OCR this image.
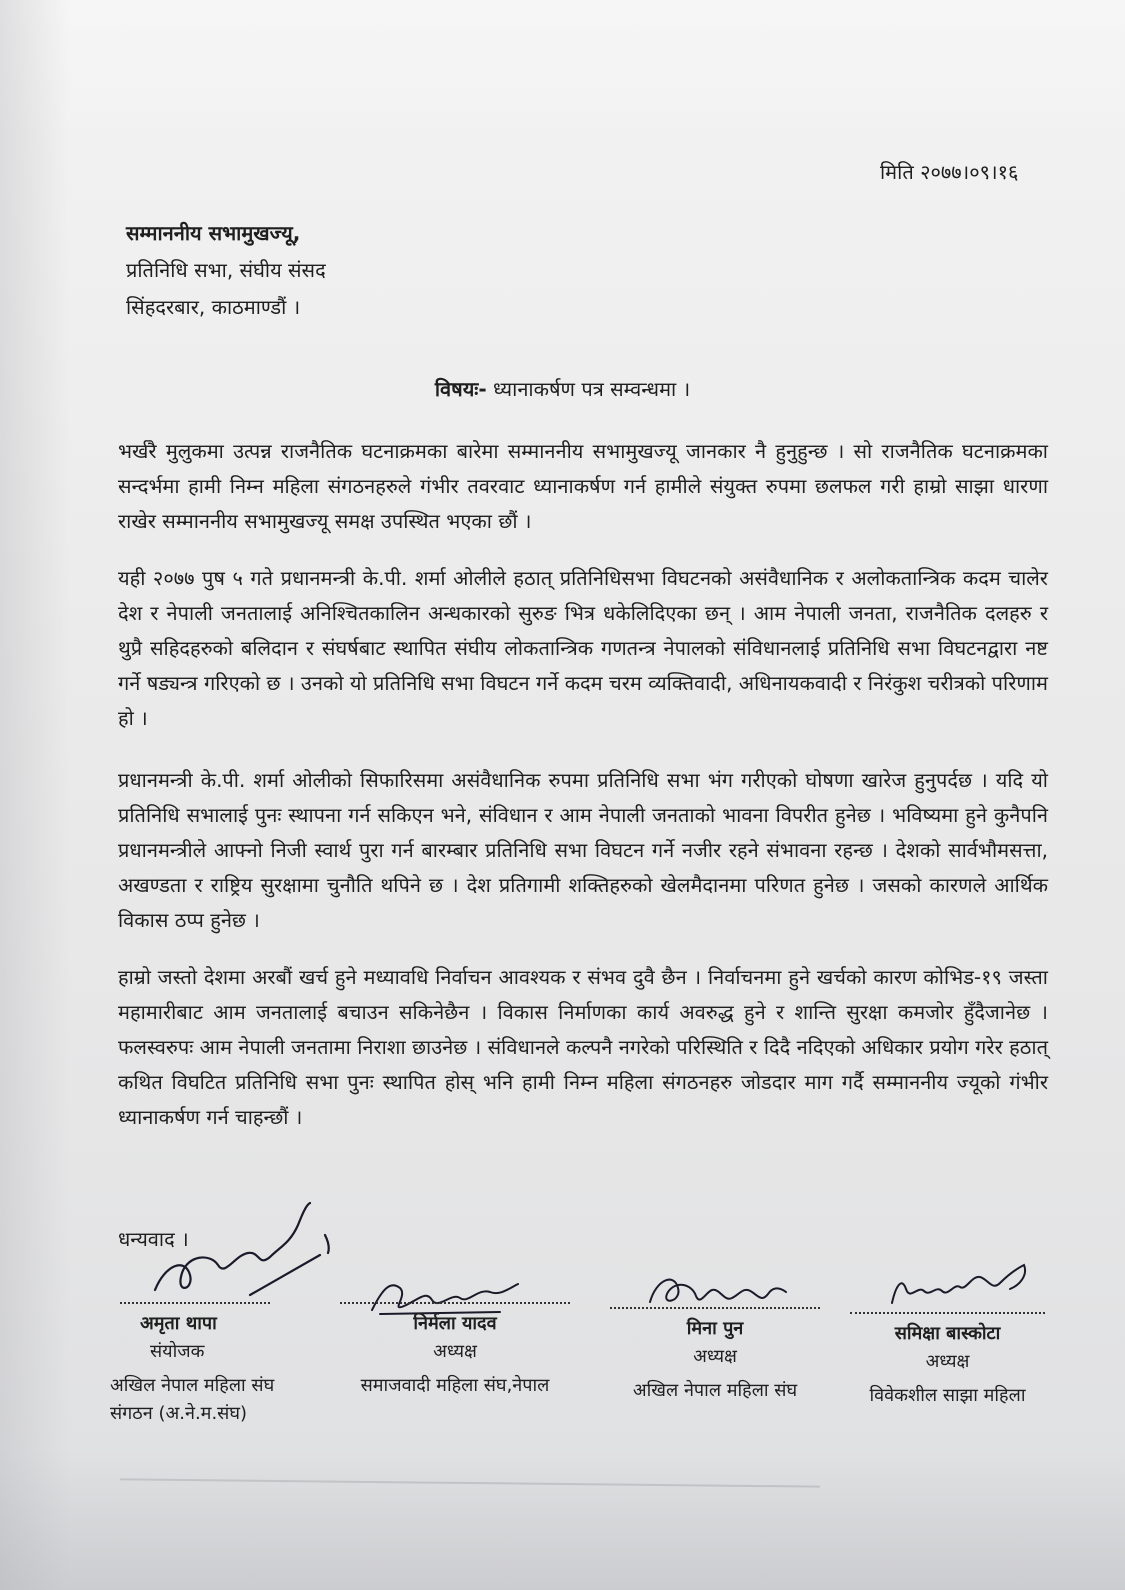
मिति २०७७।०९।१६
सम्माननीय सभामुखज्यू,
प्रतिनिधि सभा, संघीय संसद
सिंहदरबार, काठमाण्डौं ।
विषयः- ध्यानाकर्षण पत्र सम्वन्धमा ।

भर्खरै मुलुकमा उत्पन्न राजनैतिक घटनाक्रमका बारेमा सम्माननीय सभामुखज्यू जानकार नै हुनुहुन्छ । सो राजनैतिक घटनाक्रमका सन्दर्भमा हामी निम्न महिला संगठनहरुले गंभीर तवरवाट ध्यानाकर्षण गर्न हामीले संयुक्त रुपमा छलफल गरी हाम्रो साझा धारणा राखेर सम्माननीय सभामुखज्यू समक्ष उपस्थित भएका छौं ।

यही २०७७ पुष ५ गते प्रधानमन्त्री के.पी. शर्मा ओलीले हठात् प्रतिनिधिसभा विघटनको असंवैधानिक र अलोकतान्त्रिक कदम चालेर देश र नेपाली जनतालाई अनिश्चितकालिन अन्धकारको सुरुङ भित्र धकेलिदिएका छन् । आम नेपाली जनता, राजनैतिक दलहरु र थुप्रै सहिदहरुको बलिदान र संघर्षबाट स्थापित संघीय लोकतान्त्रिक गणतन्त्र नेपालको संविधानलाई प्रतिनिधि सभा विघटनद्वारा नष्ट गर्ने षड्यन्त्र गरिएको छ । उनको यो प्रतिनिधि सभा विघटन गर्ने कदम चरम व्यक्तिवादी, अधिनायकवादी र निरंकुश चरीत्रको परिणाम हो ।

प्रधानमन्त्री के.पी. शर्मा ओलीको सिफारिसमा असंवैधानिक रुपमा प्रतिनिधि सभा भंग गरीएको घोषणा खारेज हुनुपर्दछ । यदि यो प्रतिनिधि सभालाई पुनः स्थापना गर्न सकिएन भने, संविधान र आम नेपाली जनताको भावना विपरीत हुनेछ । भविष्यमा हुने कुनैपनि प्रधानमन्त्रीले आफ्नो निजी स्वार्थ पुरा गर्न बारम्बार प्रतिनिधि सभा विघटन गर्ने नजीर रहने संभावना रहन्छ । देशको सार्वभौमसत्ता, अखण्डता र राष्ट्रिय सुरक्षामा चुनौति थपिने छ । देश प्रतिगामी शक्तिहरुको खेलमैदानमा परिणत हुनेछ । जसको कारणले आर्थिक विकास ठप्प हुनेछ ।

हाम्रो जस्तो देशमा अरबौं खर्च हुने मध्यावधि निर्वाचन आवश्यक र संभव दुवै छैन । निर्वाचनमा हुने खर्चको कारण कोभिड-१९ जस्ता महामारीबाट आम जनतालाई बचाउन सकिनेछैन । विकास निर्माणका कार्य अवरुद्ध हुने र शान्ति सुरक्षा कमजोर हुँदैजानेछ । फलस्वरुपः आम नेपाली जनतामा निराशा छाउनेछ । संविधानले कल्पनै नगरेको परिस्थिति र दिदै नदिएको अधिकार प्रयोग गरेर हठात् कथित विघटित प्रतिनिधि सभा पुनः स्थापित होस् भनि हामी निम्न महिला संगठनहरु जोडदार माग गर्दै सम्माननीय ज्यूको गंभीर ध्यानाकर्षण गर्न चाहन्छौं ।

धन्यवाद ।
अमृता थापा
संयोजक
अखिल नेपाल महिला संघ
संगठन (अ.ने.म.संघ)
निर्मला यादव
अध्यक्ष
समाजवादी महिला संघ,नेपाल
मिना पुन
अध्यक्ष
अखिल नेपाल महिला संघ
समिक्षा बास्कोटा
अध्यक्ष
विवेकशील साझा महिला
